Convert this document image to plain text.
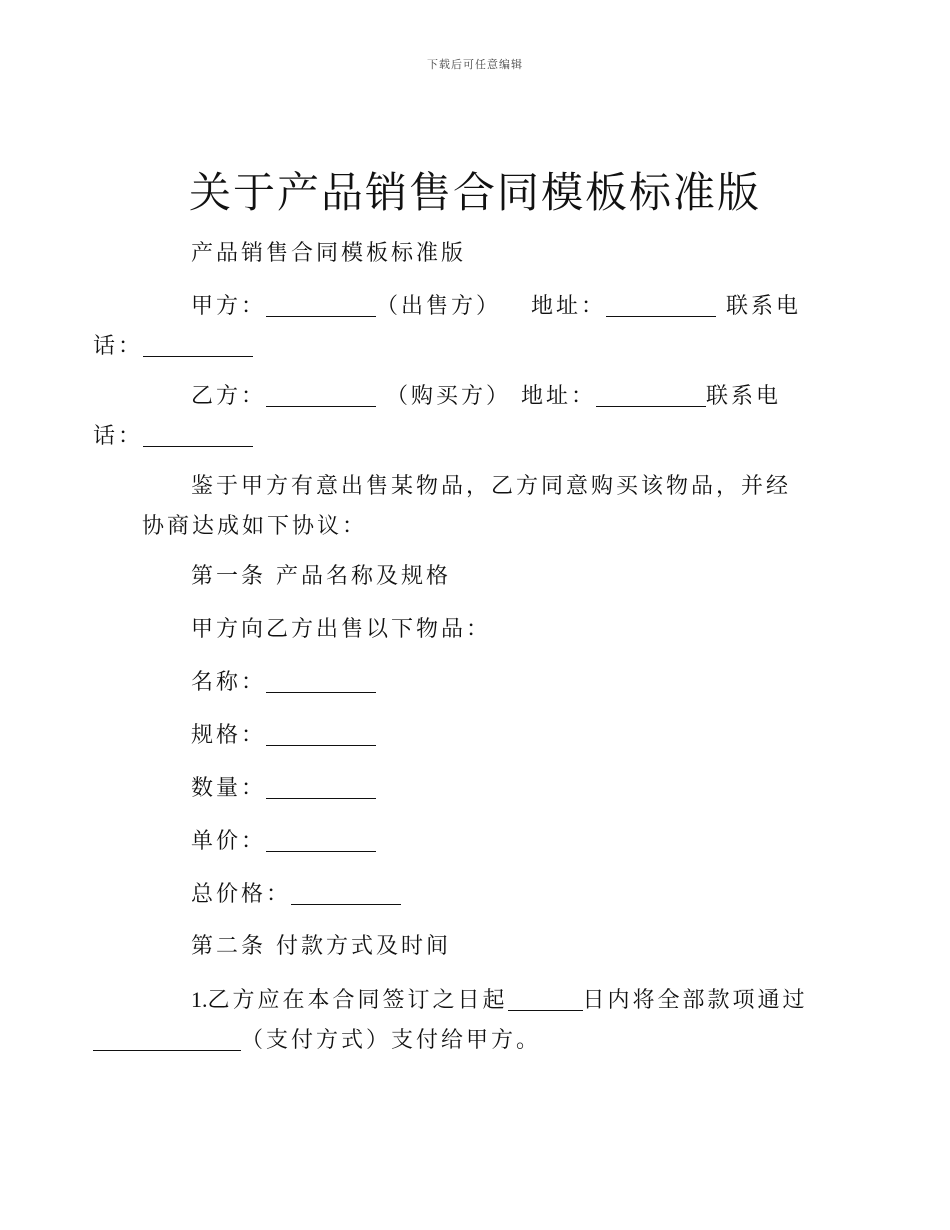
下载后可任意编辑
关于产品销售合同模板标准版

产品销售合同模板标准版

甲方：	（出售方） 地址：	联系电
话：

乙方：	（购买方） 地址：	联系电
话：

鉴于甲方有意出售某物品，乙方同意购买该物品，并经协商达成如下协议：

第一条 产品名称及规格

甲方向乙方出售以下物品：

名称：

规格：

数量：

单价：

总价格：

第二条 付款方式及时间

1.乙方应在本合同签订之日起	日内将全部款项通过
（支付方式）支付给甲方。
